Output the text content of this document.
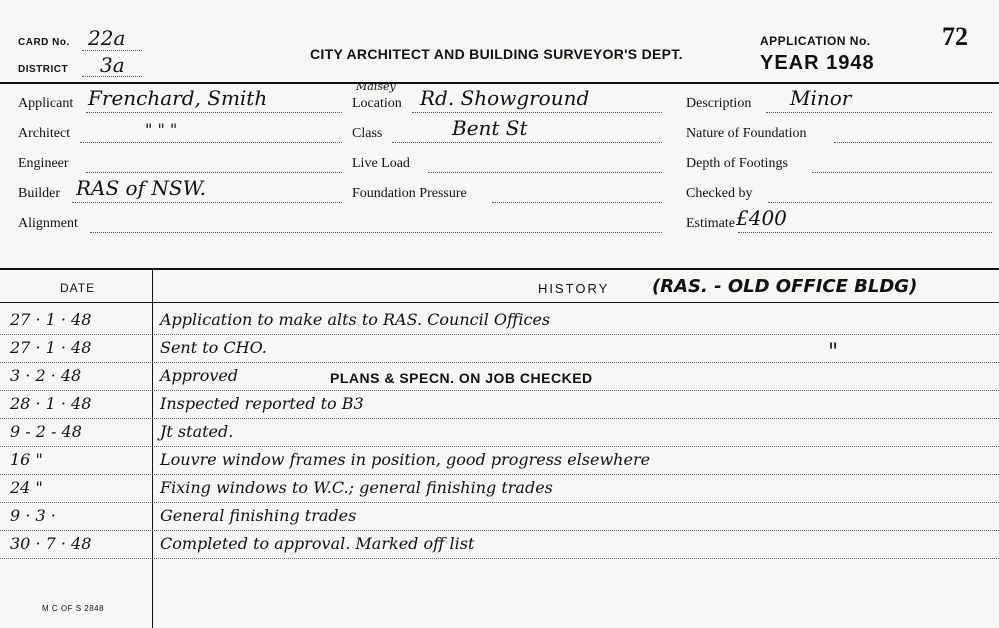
CARD No. 22a
DISTRICT 3a	CITY ARCHITECT AND BUILDING SURVEYOR'S DEPT.
APPLICATION No.	72
YEAR 1948
Applicant Frenchard, Smith
Architect	" " "
Engineer
Builder RAS of NSW.
Alignment
Maisey
Location Rd. Showground
Class	Bent St
Live Load
Foundation Pressure
Description Minor
Nature of Foundation
Depth of Footings
Checked by
Estimate £400
DATE	HISTORY (RAS. - OLD OFFICE BLDG)
27 · 1 · 48	Application to make alts to RAS. Council Offices
27 · 1 · 48	Sent to CHO.
3 · 2 · 48	Approved
28 · 1 · 48	Inspected reported to B3
9 - 2 - 48	Jt stated.
16 "	Louvre window frames in position, good progress elsewhere
24 "	Fixing windows to W.C.; general finishing trades
9 · 3 ·	General finishing trades
30 · 7 · 48	Completed to approval. Marked off list
PLANS & SPECN. ON JOB CHECKED
"
M C OF S 2848
